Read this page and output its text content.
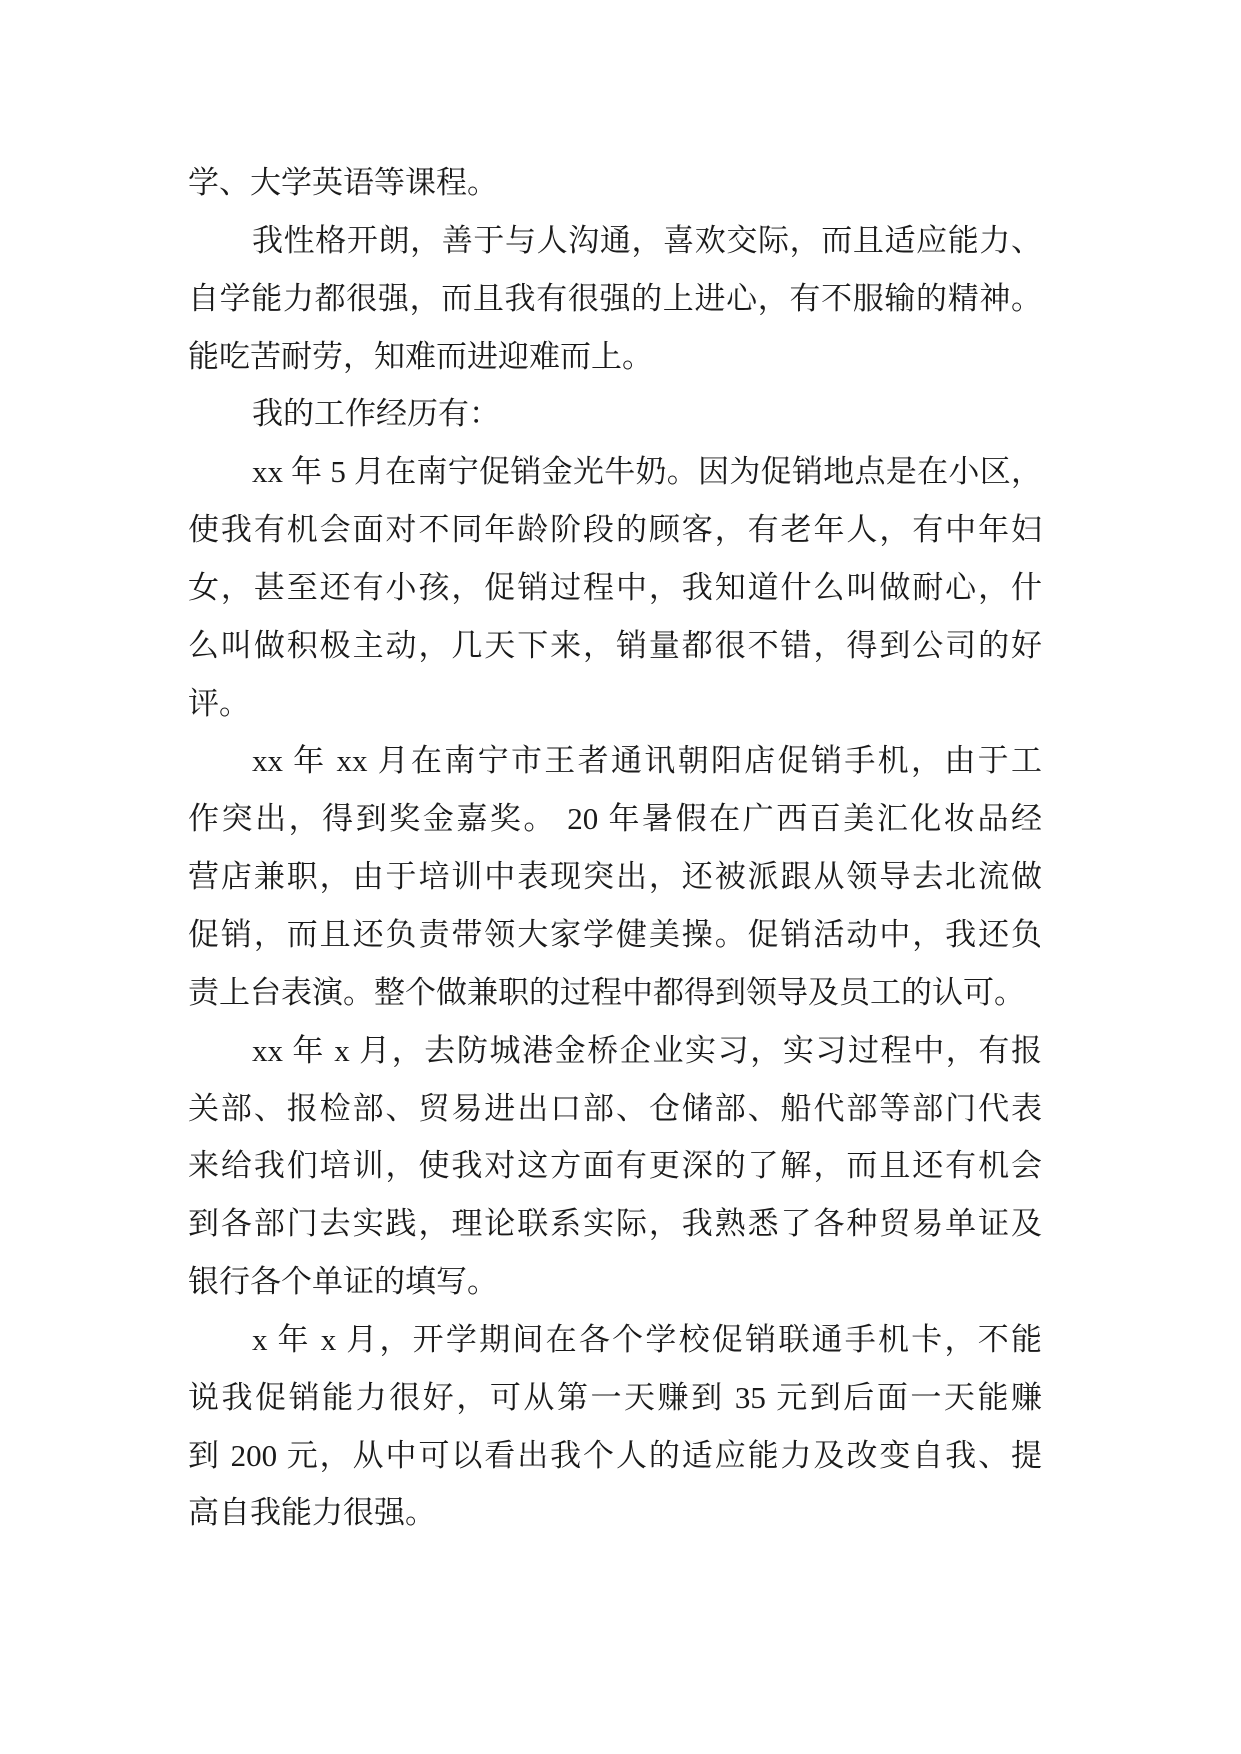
学、大学英语等课程。
我性格开朗，善于与人沟通，喜欢交际，而且适应能力、
自学能力都很强，而且我有很强的上进心，有不服输的精神。
能吃苦耐劳，知难而进迎难而上。
我的工作经历有：
xx 年 5 月在南宁促销金光牛奶。因为促销地点是在小区，
使我有机会面对不同年龄阶段的顾客，有老年人，有中年妇
女，甚至还有小孩，促销过程中，我知道什么叫做耐心，什
么叫做积极主动，几天下来，销量都很不错，得到公司的好
评。
xx 年 xx 月在南宁市王者通讯朝阳店促销手机，由于工
作突出，得到奖金嘉奖。 20 年暑假在广西百美汇化妆品经
营店兼职，由于培训中表现突出，还被派跟从领导去北流做
促销，而且还负责带领大家学健美操。促销活动中，我还负
责上台表演。整个做兼职的过程中都得到领导及员工的认可。
xx 年 x 月，去防城港金桥企业实习，实习过程中，有报
关部、报检部、贸易进出口部、仓储部、船代部等部门代表
来给我们培训，使我对这方面有更深的了解，而且还有机会
到各部门去实践，理论联系实际，我熟悉了各种贸易单证及
银行各个单证的填写。
x 年 x 月，开学期间在各个学校促销联通手机卡，不能
说我促销能力很好，可从第一天赚到 35 元到后面一天能赚
到 200 元，从中可以看出我个人的适应能力及改变自我、提
高自我能力很强。
